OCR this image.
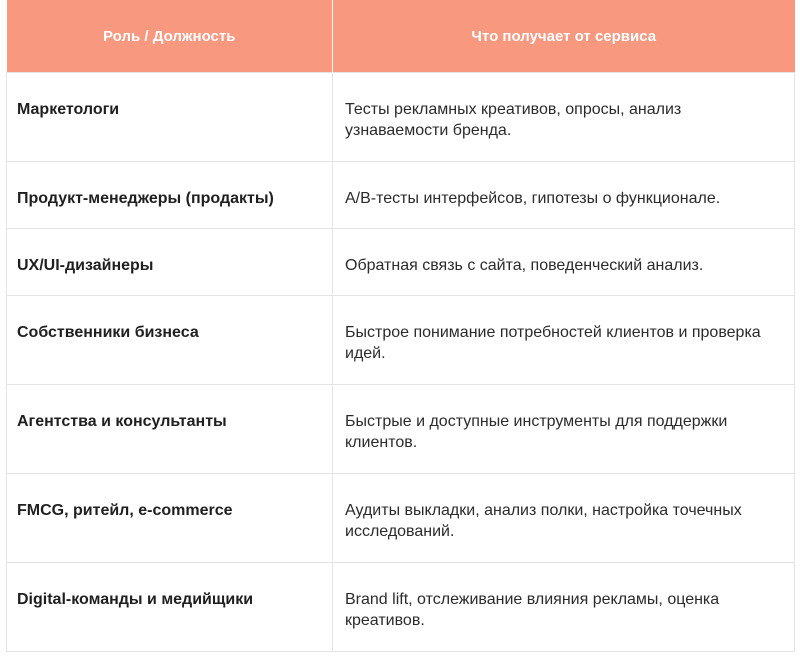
Роль / Должность	Что получает от сервиса
Маркетологи	Тесты рекламных креативов, опросы, анализ узнаваемости бренда.
Продукт-менеджеры (продакты)	A/B-тесты интерфейсов, гипотезы о функционале.
UX/UI-дизайнеры	Обратная связь с сайта, поведенческий анализ.
Собственники бизнеса	Быстрое понимание потребностей клиентов и проверка идей.
Агентства и консультанты	Быстрые и доступные инструменты для поддержки клиентов.
FMCG, ритейл, e-commerce	Аудиты выкладки, анализ полки, настройка точечных исследований.
Digital-команды и медийщики	Brand lift, отслеживание влияния рекламы, оценка креативов.
